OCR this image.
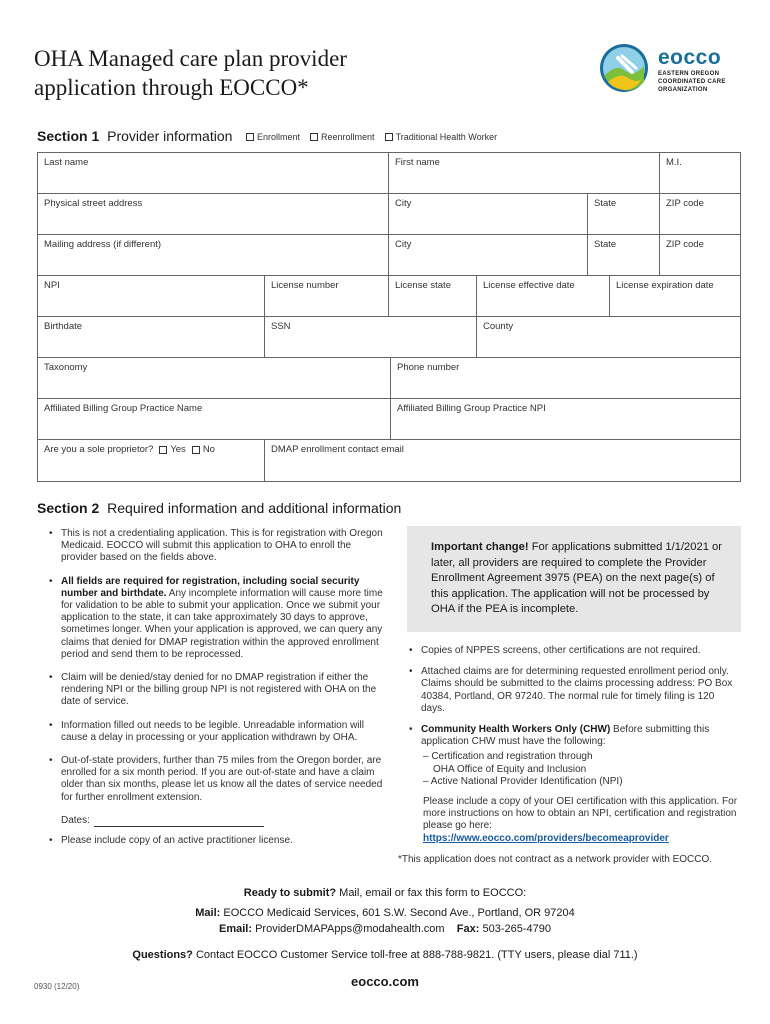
OHA Managed care plan provider
application through EOCCO*
eocco
EASTERN OREGON
COORDINATED CARE
ORGANIZATION
Section 1 Provider information	Enrollment Reenrollment Traditional Health Worker
Last name	First name	M.I.
Physical street address	City	State	ZIP code
Mailing address (if different)	City	State	ZIP code
NPI	License number	License state	License effective date	License expiration date
Birthdate	SSN	County
Taxonomy	Phone number
Affiliated Billing Group Practice Name	Affiliated Billing Group Practice NPI
Are you a sole proprietor? Yes No	DMAP enrollment contact email
Section 2 Required information and additional information
• This is not a credentialing application. This is for registration with Oregon Medicaid. EOCCO will submit this application to OHA to enroll the provider based on the fields above.
• All fields are required for registration, including social security number and birthdate. Any incomplete information will cause more time for validation to be able to submit your application. Once we submit your application to the state, it can take approximately 30 days to approve, sometimes longer. When your application is approved, we can query any claims that denied for DMAP registration within the approved enrollment period and send them to be reprocessed.
• Claim will be denied/stay denied for no DMAP registration if either the rendering NPI or the billing group NPI is not registered with OHA on the date of service.
• Information filled out needs to be legible. Unreadable information will cause a delay in processing or your application withdrawn by OHA.
• Out-of-state providers, further than 75 miles from the Oregon border, are enrolled for a six month period. If you are out-of-state and have a claim older than six months, please let us know all the dates of service needed for further enrollment extension.
Dates:
• Please include copy of an active practitioner license.
Important change! For applications submitted 1/1/2021 or later, all providers are required to complete the Provider Enrollment Agreement 3975 (PEA) on the next page(s) of this application. The application will not be processed by OHA if the PEA is incomplete.
• Copies of NPPES screens, other certifications are not required.
• Attached claims are for determining requested enrollment period only. Claims should be submitted to the claims processing address: PO Box 40384, Portland, OR 97240. The normal rule for timely filing is 120 days.
• Community Health Workers Only (CHW) Before submitting this application CHW must have the following:
– Certification and registration through
OHA Office of Equity and Inclusion
– Active National Provider Identification (NPI)
Please include a copy of your OEI certification with this application. For more instructions on how to obtain an NPI, certification and registration please go here:
https://www.eocco.com/providers/becomeaprovider
*This application does not contract as a network provider with EOCCO.
Ready to submit? Mail, email or fax this form to EOCCO:
Mail: EOCCO Medicaid Services, 601 S.W. Second Ave., Portland, OR 97204
Email: ProviderDMAPApps@modahealth.com Fax: 503-265-4790
Questions? Contact EOCCO Customer Service toll-free at 888-788-9821. (TTY users, please dial 711.)
0930 (12/20)	eocco.com
